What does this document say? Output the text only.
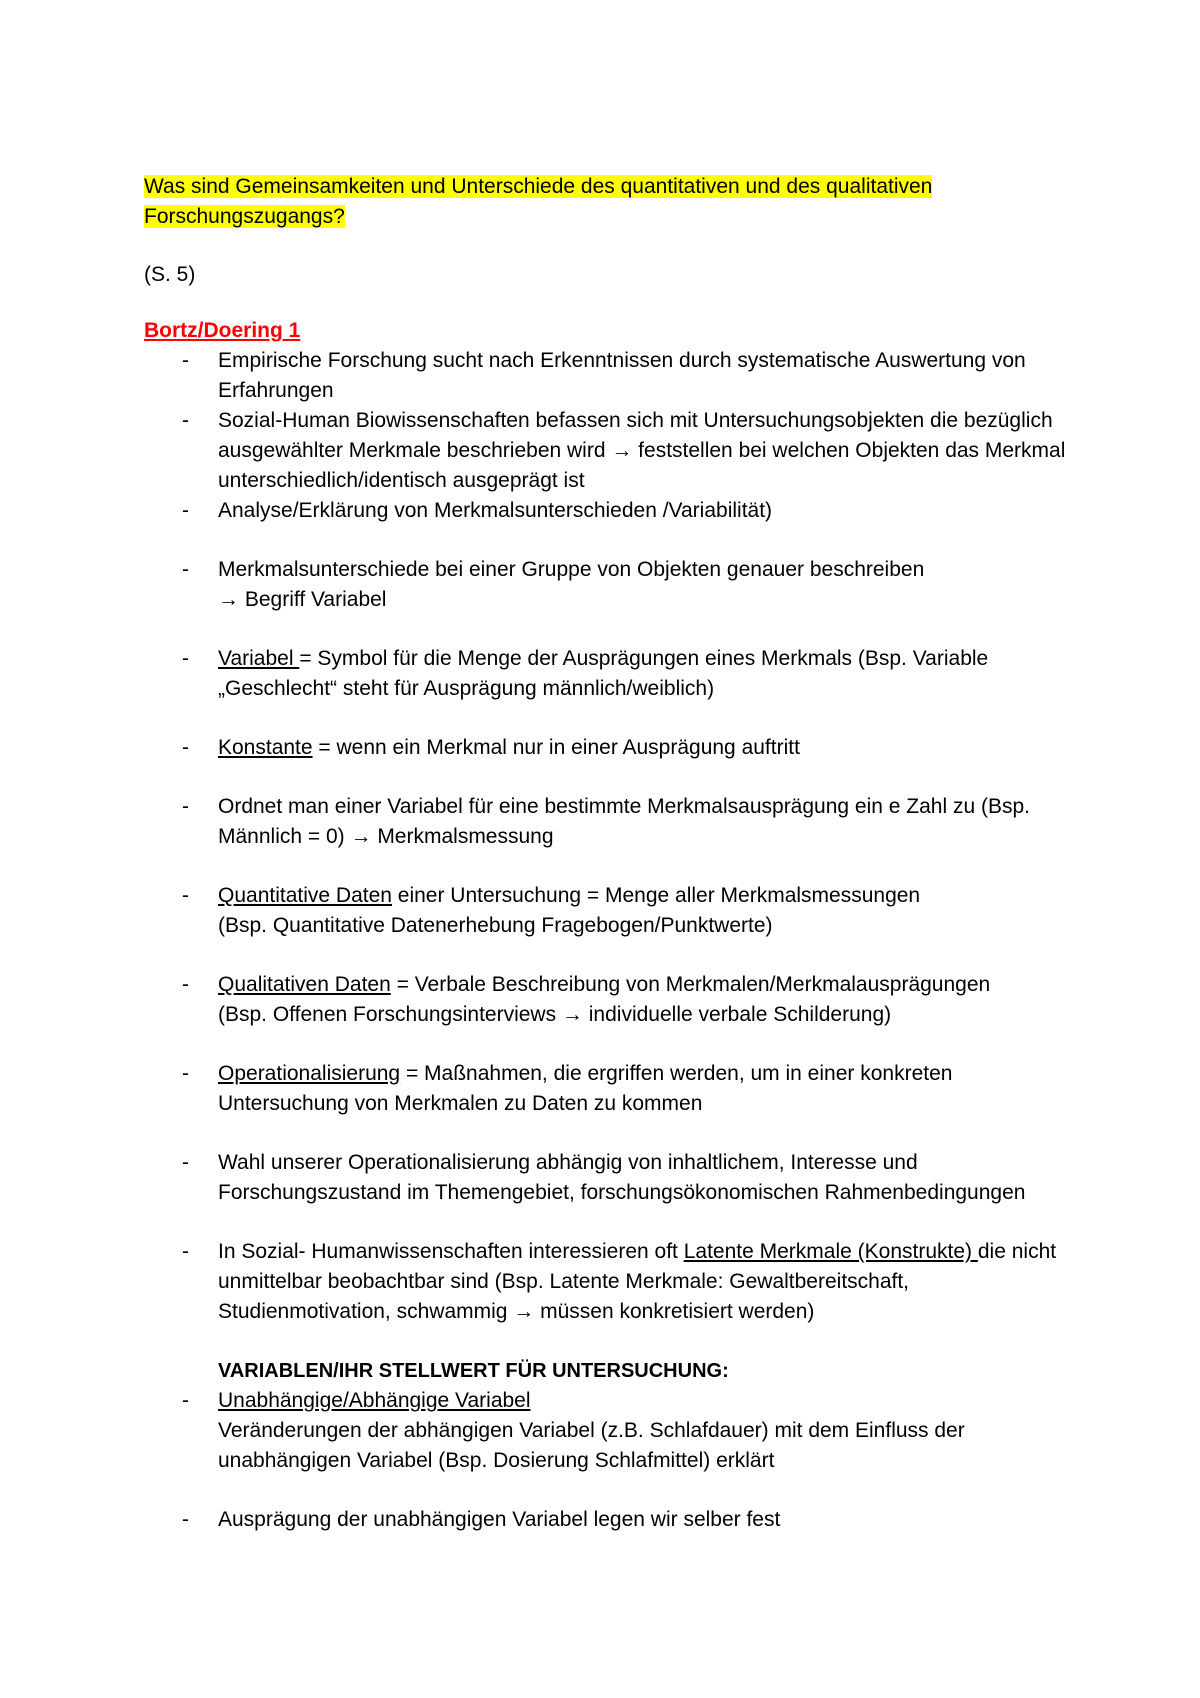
Was sind Gemeinsamkeiten und Unterschiede des quantitativen und des qualitativen
Forschungszugangs?

(S. 5)

Bortz/Doering 1

- Empirische Forschung sucht nach Erkenntnissen durch systematische Auswertung von Erfahrungen
- Sozial-Human Biowissenschaften befassen sich mit Untersuchungsobjekten die bezüglich ausgewählter Merkmale beschrieben wird → feststellen bei welchen Objekten das Merkmal unterschiedlich/identisch ausgeprägt ist
- Analyse/Erklärung von Merkmalsunterschieden /Variabilität)
- Merkmalsunterschiede bei einer Gruppe von Objekten genauer beschreiben
→ Begriff Variabel
- Variabel = Symbol für die Menge der Ausprägungen eines Merkmals (Bsp. Variable „Geschlecht“ steht für Ausprägung männlich/weiblich)
- Konstante = wenn ein Merkmal nur in einer Ausprägung auftritt
- Ordnet man einer Variabel für eine bestimmte Merkmalsausprägung ein e Zahl zu (Bsp. Männlich = 0) → Merkmalsmessung
- Quantitative Daten einer Untersuchung = Menge aller Merkmalsmessungen
(Bsp. Quantitative Datenerhebung Fragebogen/Punktwerte)
- Qualitativen Daten = Verbale Beschreibung von Merkmalen/Merkmalausprägungen
(Bsp. Offenen Forschungsinterviews → individuelle verbale Schilderung)
- Operationalisierung = Maßnahmen, die ergriffen werden, um in einer konkreten Untersuchung von Merkmalen zu Daten zu kommen
- Wahl unserer Operationalisierung abhängig von inhaltlichem, Interesse und Forschungszustand im Themengebiet, forschungsökonomischen Rahmenbedingungen
- In Sozial- Humanwissenschaften interessieren oft Latente Merkmale (Konstrukte) die nicht unmittelbar beobachtbar sind (Bsp. Latente Merkmale: Gewaltbereitschaft, Studienmotivation, schwammig → müssen konkretisiert werden)

VARIABLEN/IHR STELLWERT FÜR UNTERSUCHUNG:

- Unabhängige/Abhängige Variabel
Veränderungen der abhängigen Variabel (z.B. Schlafdauer) mit dem Einfluss der unabhängigen Variabel (Bsp. Dosierung Schlafmittel) erklärt
- Ausprägung der unabhängigen Variabel legen wir selber fest
